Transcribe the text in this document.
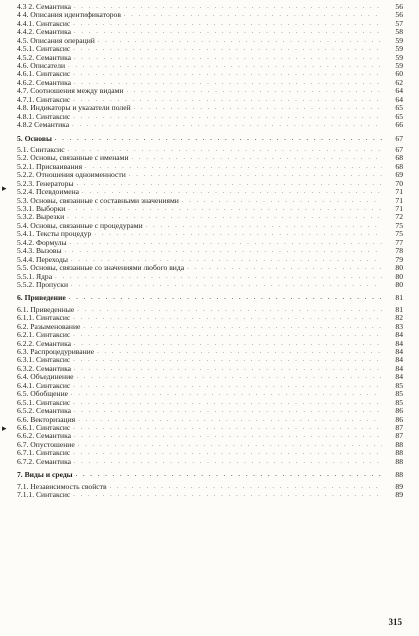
4.3 2. Семантика . . .	56
4 4. Описания идентификаторов . . .	56
4.4.1. Синтаксис . . .	57
4.4.2. Семантика . . .	58
4.5. Описания операций . . .	59
4.5.1. Синтаксис . . .	59
4.5.2. Семантика . . .	59
4.6. Описатели . . .	59
4.6.1. Синтаксис . . .	60
4.6.2. Семантика . . .	62
4.7. Соотношения между видами . . .	64
4.7.1. Синтаксис . . .	64
4.8. Индикаторы и указатели полей . . .	65
4.8.1. Синтаксис . . .	65
4.8.2 Семантика . . .	66
5. Основы . . .	67
5.1. Синтаксис . . .	67
5.2. Основы, связанные с именами . . .	68
5.2.1. Присваивания . . .	68
5.2.2. Отношения одноименности . . .	69
5.2.3. Генераторы . . .	70
5.2.4. Псевдоимена . . .	71
5.3. Основы, связанные с составными значениями . . .	71
5.3.1. Выборки . . .	71
5.3.2. Вырезки . . .	72
5.4. Основы, связанные с процедурами . . .	75
5.4.1. Тексты процедур . . .	75
5.4.2. Формулы . . .	77
5.4.3. Вызовы . . .	78
5.4.4. Переходы . . .	79
5.5. Основы, связанные со значениями любого вида . . .	80
5.5.1. Ядра . . .	80
5.5.2. Пропуски . . .	80
6. Приведение . . .	81
6.1. Приведенные . . .	81
6.1.1. Синтаксис . . .	82
6.2. Разыменование . . .	83
6.2.1. Синтаксис . . .	84
6.2.2. Семантика . . .	84
6.3. Распроцедуривание . . .	84
6.3.1. Синтаксис . . .	84
6.3.2. Семантика . . .	84
6.4. Объединение . . .	84
6.4.1. Синтаксис . . .	85
6.5. Обобщение . . .	85
6.5.1. Синтаксис . . .	85
6.5.2. Семантика . . .	86
6.6. Векторизация . . .	86
6.6.1. Синтаксис . . .	87
6.6.2. Семантика . . .	87
6.7. Опустошение . . .	88
6.7.1. Синтаксис . . .	88
6.7.2. Семантика . . .	88
7. Виды и среды . . .	88
7.1. Независимость свойств . . .	89
7.1.1. Синтаксис . . .	89
▸
▸
315
